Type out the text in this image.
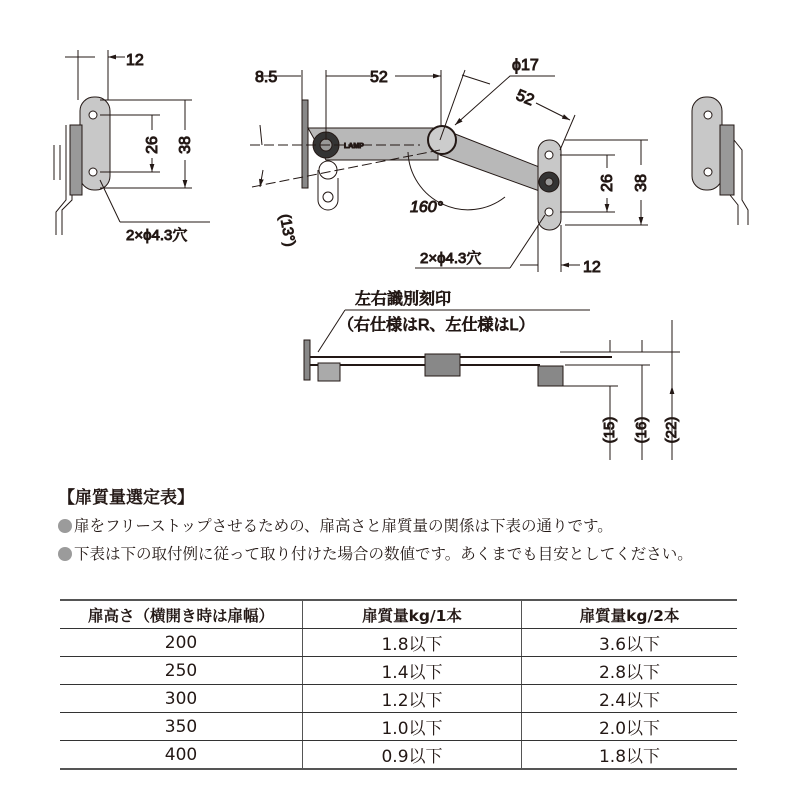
12
26 38
2×ϕ4.3穴
LAMP
8.5	52
ϕ17
52
160°
(13°)
26 38
2×ϕ4.3穴
12
左右識別刻印
（右仕様はR、左仕様はL）
(15) (16) (22)
【扉質量選定表】
扉をフリーストップさせるための、扉高さと扉質量の関係は下表の通りです。
下表は下の取付例に従って取り付けた場合の数値です。あくまでも目安としてください。
扉高さ（横開き時は扉幅）	扉質量kg/1本	扉質量kg/2本
200	1.8以下	3.6以下
250	1.4以下	2.8以下
300	1.2以下	2.4以下
350	1.0以下	2.0以下
400	0.9以下	1.8以下
